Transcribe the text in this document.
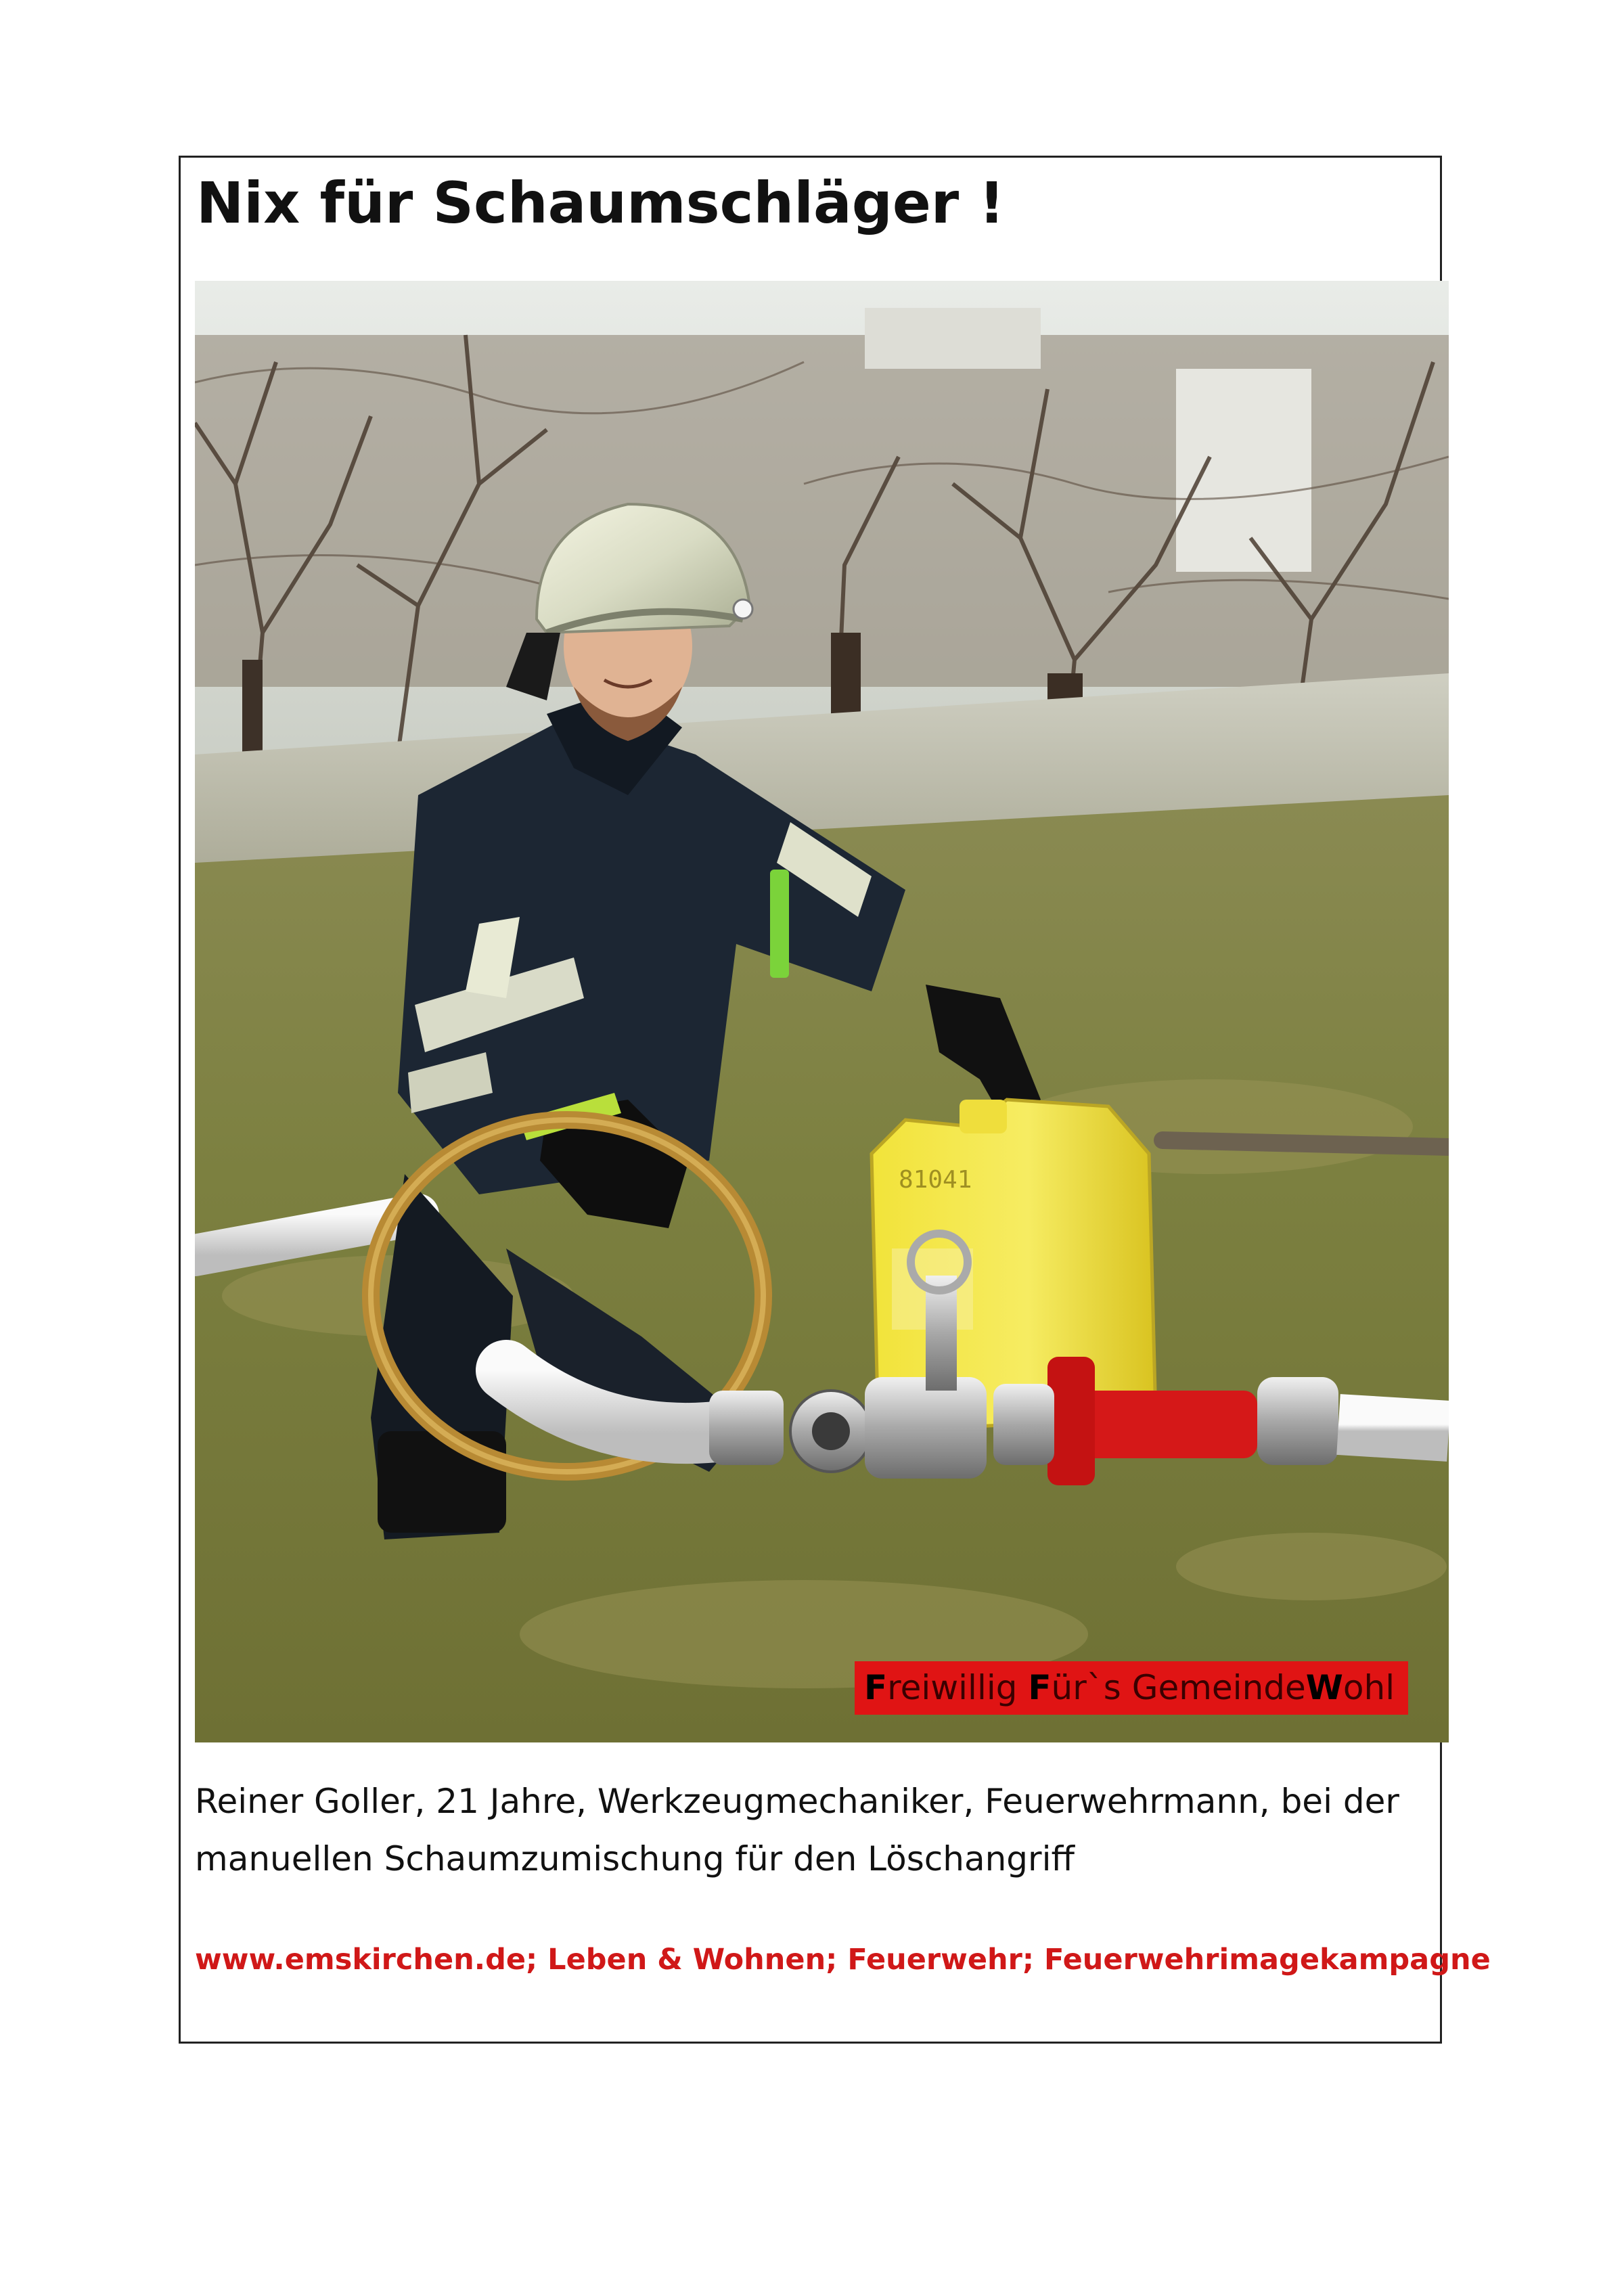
Nix für Schaumschläger !
81041
Freiwillig Für`s GemeindeWohl

Reiner Goller, 21 Jahre, Werkzeugmechaniker, Feuerwehrmann, bei der manuellen Schaumzumischung für den Löschangriff

www.emskirchen.de; Leben & Wohnen; Feuerwehr; Feuerwehrimagekampagne
